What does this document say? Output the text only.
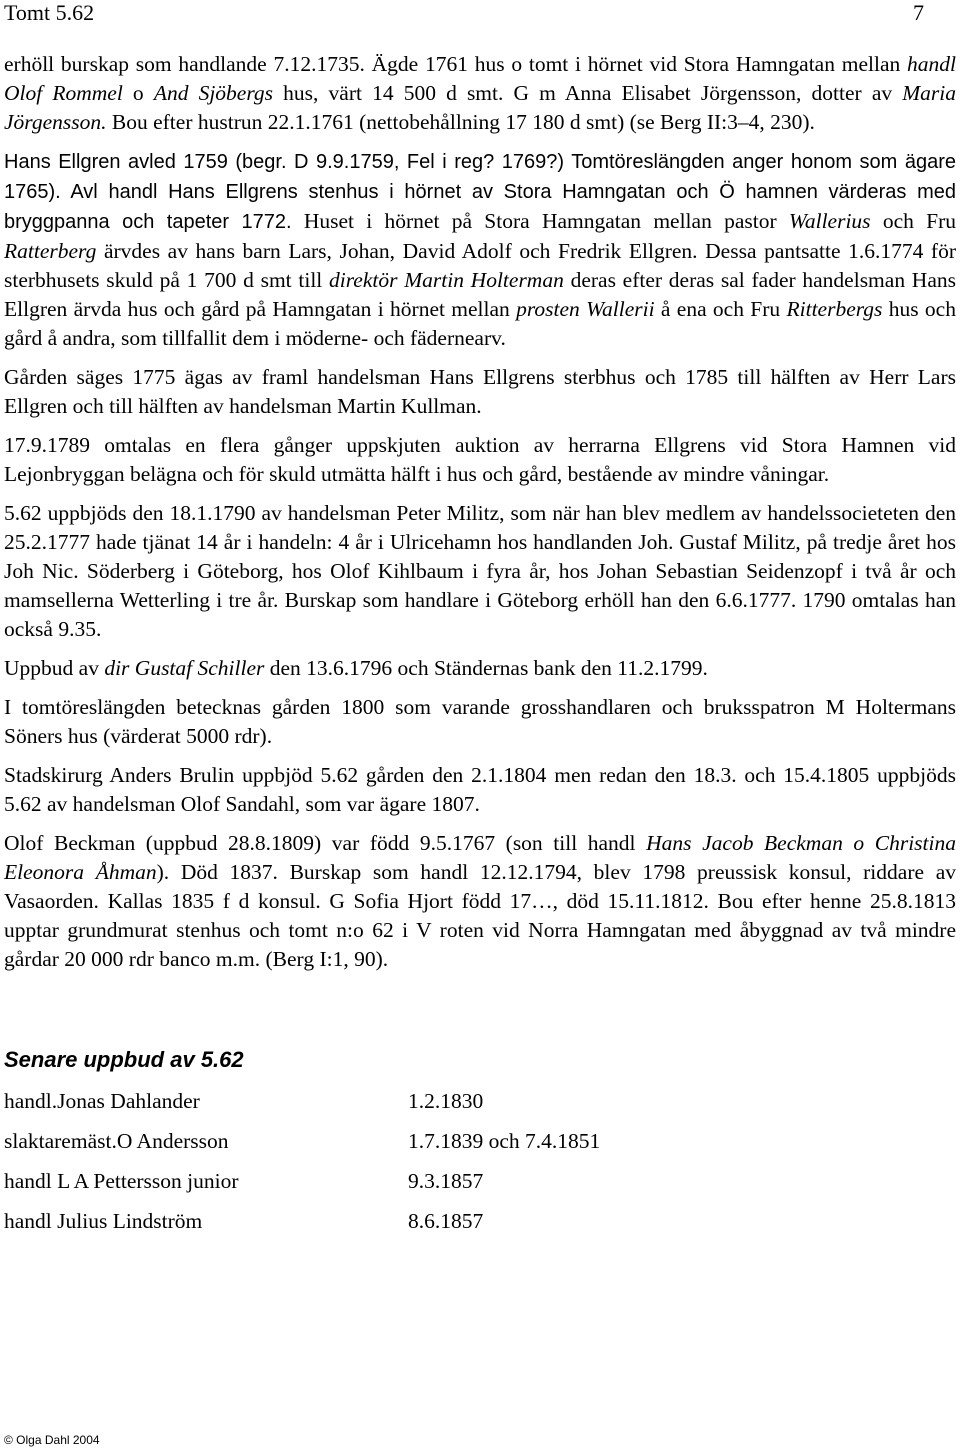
Tomt 5.62	7

erhöll burskap som handlande 7.12.1735. Ägde 1761 hus o tomt i hörnet vid Stora Hamngatan mellan handl Olof Rommel o And Sjöbergs hus, värt 14 500 d smt. G m Anna Elisabet Jörgensson, dotter av Maria Jörgensson. Bou efter hustrun 22.1.1761 (nettobehållning 17 180 d smt) (se Berg II:3–4, 230).

Hans Ellgren avled 1759 (begr. D 9.9.1759, Fel i reg? 1769?) Tomtöreslängden anger honom som ägare 1765). Avl handl Hans Ellgrens stenhus i hörnet av Stora Hamngatan och Ö hamnen värderas med bryggpanna och tapeter 1772. Huset i hörnet på Stora Hamngatan mellan pastor Wallerius och Fru Ratterberg ärvdes av hans barn Lars, Johan, David Adolf och Fredrik Ellgren. Dessa pantsatte 1.6.1774 för sterbhusets skuld på 1 700 d smt till direktör Martin Holterman deras efter deras sal fader handelsman Hans Ellgren ärvda hus och gård på Hamngatan i hörnet mellan prosten Wallerii å ena och Fru Ritterbergs hus och gård å andra, som tillfallit dem i möderne- och fädernearv.

Gården säges 1775 ägas av framl handelsman Hans Ellgrens sterbhus och 1785 till hälften av Herr Lars Ellgren och till hälften av handelsman Martin Kullman.

17.9.1789 omtalas en flera gånger uppskjuten auktion av herrarna Ellgrens vid Stora Hamnen vid Lejonbryggan belägna och för skuld utmätta hälft i hus och gård, bestående av mindre våningar.

5.62 uppbjöds den 18.1.1790 av handelsman Peter Militz, som när han blev medlem av handelssocieteten den 25.2.1777 hade tjänat 14 år i handeln: 4 år i Ulricehamn hos handlanden Joh. Gustaf Militz, på tredje året hos Joh Nic. Söderberg i Göteborg, hos Olof Kihlbaum i fyra år, hos Johan Sebastian Seidenzopf i två år och mamsellerna Wetterling i tre år. Burskap som handlare i Göteborg erhöll han den 6.6.1777. 1790 omtalas han också 9.35.

Uppbud av dir Gustaf Schiller den 13.6.1796 och Ständernas bank den 11.2.1799.

I tomtöreslängden betecknas gården 1800 som varande grosshandlaren och bruksspatron M Holtermans Söners hus (värderat 5000 rdr).

Stadskirurg Anders Brulin uppbjöd 5.62 gården den 2.1.1804 men redan den 18.3. och 15.4.1805 uppbjöds 5.62 av handelsman Olof Sandahl, som var ägare 1807.

Olof Beckman (uppbud 28.8.1809) var född 9.5.1767 (son till handl Hans Jacob Beckman o Christina Eleonora Åhman). Död 1837. Burskap som handl 12.12.1794, blev 1798 preussisk konsul, riddare av Vasaorden. Kallas 1835 f d konsul. G Sofia Hjort född 17…, död 15.11.1812. Bou efter henne 25.8.1813 upptar grundmurat stenhus och tomt n:o 62 i V roten vid Norra Hamngatan med åbyggnad av två mindre gårdar 20 000 rdr banco m.m. (Berg I:1, 90).

Senare uppbud av 5.62
handl.Jonas Dahlander	1.2.1830
slaktaremäst.O Andersson	1.7.1839 och 7.4.1851
handl L A Pettersson junior	9.3.1857
handl Julius Lindström	8.6.1857
© Olga Dahl 2004
